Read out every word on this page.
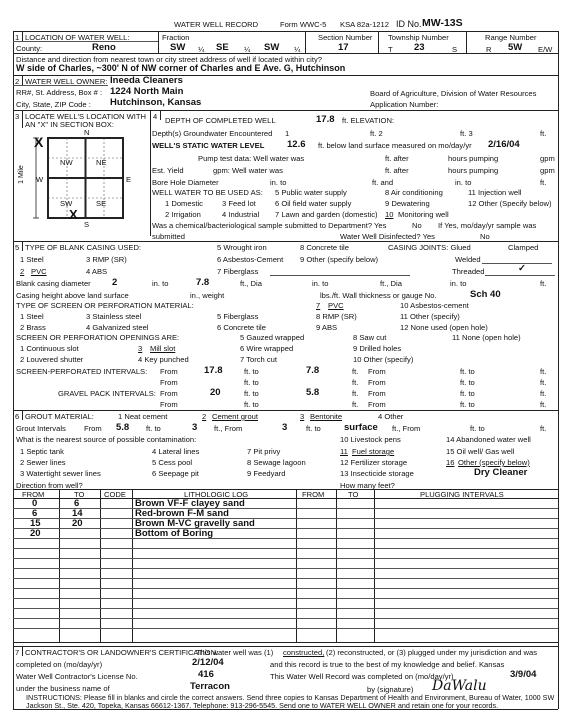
WATER WELL RECORD	Form WWC-5 KSA 82a-1212 ID No. MW-13S
1 LOCATION OF WATER WELL:	Fraction	Section Number Township Number	Range Number
County:	Reno	SW ¼ SE ¼ SW ¼	17	T 23	S	R 5W E/W
Distance and direction from nearest town or city street address of well if located within city?
W side of Charles, ~300' N of NW corner of Charles and E Ave. G, Hutchinson
2 WATER WELL OWNER: Ineeda Cleaners
RR#, St. Address, Box # : 1224 North Main	Board of Agriculture, Division of Water Resources
City, State, ZIP Code : Hutchinson, Kansas	Application Number:
3 LOCATE WELL'S LOCATION WITH
AN "X" IN SECTION BOX:
4
N
S
E
W
NW	NE
SW	SE
1 Mile
X
X
DEPTH OF COMPLETED WELL	17.8 ft. ELEVATION:
Depth(s) Groundwater Encountered 1	ft. 2	ft. 3	ft.
WELL'S STATIC WATER LEVEL 12.6 ft. below land surface measured on mo/day/yr 2/16/04
Pump test data: Well water was	ft. after	hours pumping	gpm
Est. Yield	gpm: Well water was	ft. after	hours pumping	gpm
Bore Hole Diameter	in. to	ft. and	in. to	ft.
WELL WATER TO BE USED AS: 5 Public water supply	8 Air conditioning	11 Injection well
1 Domestic	3 Feed lot	6 Oil field water supply	9 Dewatering	12 Other (Specify below)
2 Irrigation	4 Industrial 7 Lawn and garden (domestic) 10 Monitoring well
Was a chemical/bacteriological sample submitted to Department? Yes	No If Yes, mo/day/yr sample was
submitted	Water Well Disinfected? Yes	No
5 TYPE OF BLANK CASING USED:	5 Wrought iron	8 Concrete tile	CASING JOINTS: Glued	Clamped
1 Steel	3 RMP (SR)	6 Asbestos-Cement 9 Other (specify below)	Welded
2 PVC	4 ABS	7 Fiberglass	Threaded	✓
Blank casing diameter 2	in. to	7.8	ft., Dia	in. to	ft., Dia	in. to	ft.
Casing height above land surface	in., weight	lbs./ft. Wall thickness or gauge No.	Sch 40
TYPE OF SCREEN OR PERFORATION MATERIAL:	7 PVC	10 Asbestos-cement
1 Steel	3 Stainless steel	5 Fiberglass	8 RMP (SR)	11 Other (specify)
2 Brass	4 Galvanized steel	6 Concrete tile	9 ABS	12 None used (open hole)
SCREEN OR PERFORATION OPENINGS ARE:	5 Gauzed wrapped	8 Saw cut	11 None (open hole)
1 Continuous slot	3 Mill slot	6 Wire wrapped	9 Drilled holes
2 Louvered shutter	4 Key punched	7 Torch cut	10 Other (specify)
SCREEN-PERFORATED INTERVALS: From	17.8	ft. to	7.8	ft. From	ft. to	ft.
From	ft. to	ft. From	ft. to	ft.
GRAVEL PACK INTERVALS: From	20	ft. to	5.8	ft. From	ft. to	ft.
From	ft. to	ft. From	ft. to	ft.
6 GROUT MATERIAL:	1 Neat cement	2 Cement grout	3 Bentonite	4 Other
Grout Intervals From 5.8 ft. to	3 ft., From	3 ft. to surface ft., From	ft. to	ft.
What is the nearest source of possible contamination:	10 Livestock pens	14 Abandoned water well
1 Septic tank	4 Lateral lines	7 Pit privy	11 Fuel storage	15 Oil well/ Gas well
2 Sewer lines	5 Cess pool	8 Sewage lagoon	12 Fertilizer storage	16 Other (specify below)
3 Watertight sewer lines	6 Seepage pit	9 Feedyard	13 Insecticide storage	Dry Cleaner
Direction from well?	How many feet?
FROM	TO	CODE	LITHOLOGIC LOG	FROM	TO	PLUGGING INTERVALS
0	6	Brown VF-F clayey sand
6	14	Red-brown F-M sand
15	20	Brown M-VC gravelly sand
20	Bottom of Boring
7 CONTRACTOR'S OR LANDOWNER'S CERTIFICATION:
This water well was (1) constructed, (2) reconstructed, or (3) plugged under my jurisdiction and was
completed on (mo/day/yr)	2/12/04	and this record is true to the best of my knowledge and belief. Kansas
Water Well Contractor's License No.	416	This Water Well Record was completed on (mo/day/yr)	3/9/04
under the business name of	Terracon	by (signature) DaWalu
INSTRUCTIONS: Please fill in blanks and circle the correct answers. Send three copies to Kansas Department of Health and Environment, Bureau of Water, 1000 SW
Jackson St., Ste. 420, Topeka, Kansas 66612-1367. Telephone: 913-296-5545. Send one to WATER WELL OWNER and retain one for your records.
